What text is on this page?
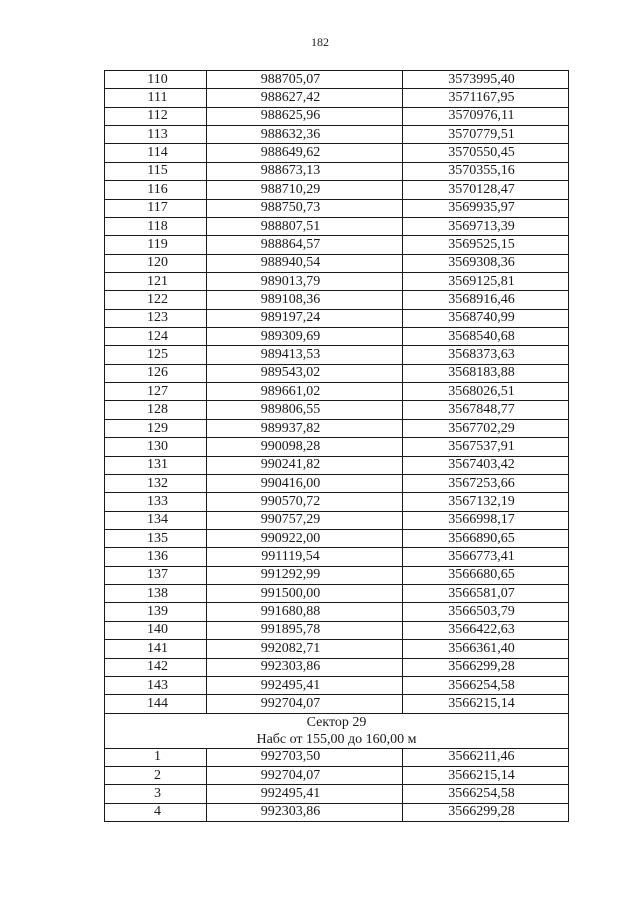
182
110	988705,07	3573995,40
111	988627,42	3571167,95
112	988625,96	3570976,11
113	988632,36	3570779,51
114	988649,62	3570550,45
115	988673,13	3570355,16
116	988710,29	3570128,47
117	988750,73	3569935,97
118	988807,51	3569713,39
119	988864,57	3569525,15
120	988940,54	3569308,36
121	989013,79	3569125,81
122	989108,36	3568916,46
123	989197,24	3568740,99
124	989309,69	3568540,68
125	989413,53	3568373,63
126	989543,02	3568183,88
127	989661,02	3568026,51
128	989806,55	3567848,77
129	989937,82	3567702,29
130	990098,28	3567537,91
131	990241,82	3567403,42
132	990416,00	3567253,66
133	990570,72	3567132,19
134	990757,29	3566998,17
135	990922,00	3566890,65
136	991119,54	3566773,41
137	991292,99	3566680,65
138	991500,00	3566581,07
139	991680,88	3566503,79
140	991895,78	3566422,63
141	992082,71	3566361,40
142	992303,86	3566299,28
143	992495,41	3566254,58
144	992704,07	3566215,14

Сектор 29
Набс от 155,00 до 160,00 м		

1	992703,50	3566211,46
2	992704,07	3566215,14
3	992495,41	3566254,58
4	992303,86	3566299,28
